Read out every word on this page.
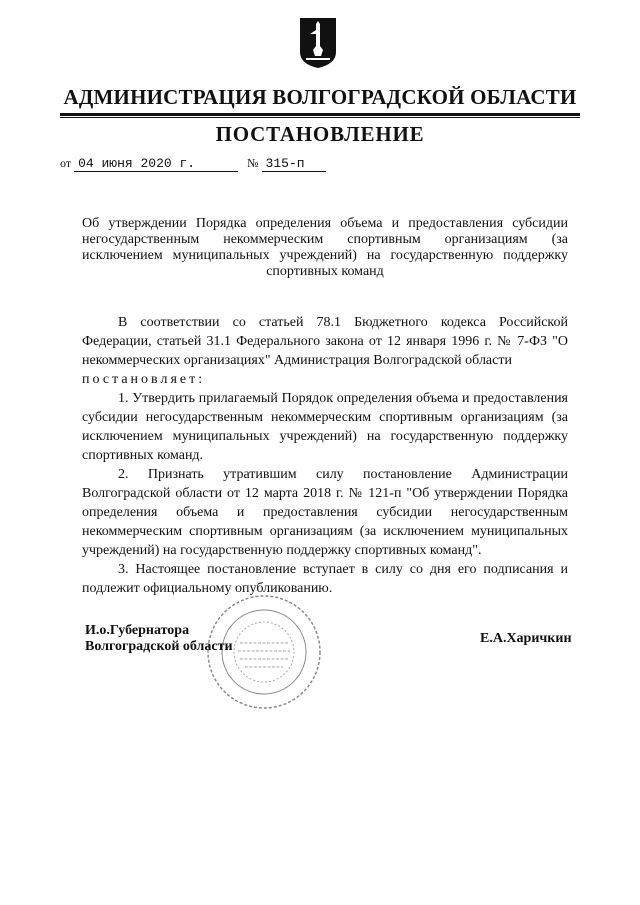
АДМИНИСТРАЦИЯ ВОЛГОГРАДСКОЙ ОБЛАСТИ
ПОСТАНОВЛЕНИЕ
от 04 июня 2020 г.	№ 315-п
Об утверждении Порядка определения объема и предоставления субсидии негосударственным некоммерческим спортивным организациям (за исключением муниципальных учреждений) на государственную поддержку спортивных команд

В соответствии со статьей 78.1 Бюджетного кодекса Российской Федерации, статьей 31.1 Федерального закона от 12 января 1996 г. № 7-ФЗ "О некоммерческих организациях" Администрация Волгоградской области

постановляет:

1. Утвердить прилагаемый Порядок определения объема и предоставления субсидии негосударственным некоммерческим спортивным организациям (за исключением муниципальных учреждений) на государственную поддержку спортивных команд.

2. Признать утратившим силу постановление Администрации Волгоградской области от 12 марта 2018 г. № 121-п "Об утверждении Порядка определения объема и предоставления субсидии негосударственным некоммерческим спортивным организациям (за исключением муниципальных учреждений) на государственную поддержку спортивных команд".

3. Настоящее постановление вступает в силу со дня его подписания и подлежит официальному опубликованию.

И.о.Губернатора
Волгоградской области
Е.А.Харичкин
